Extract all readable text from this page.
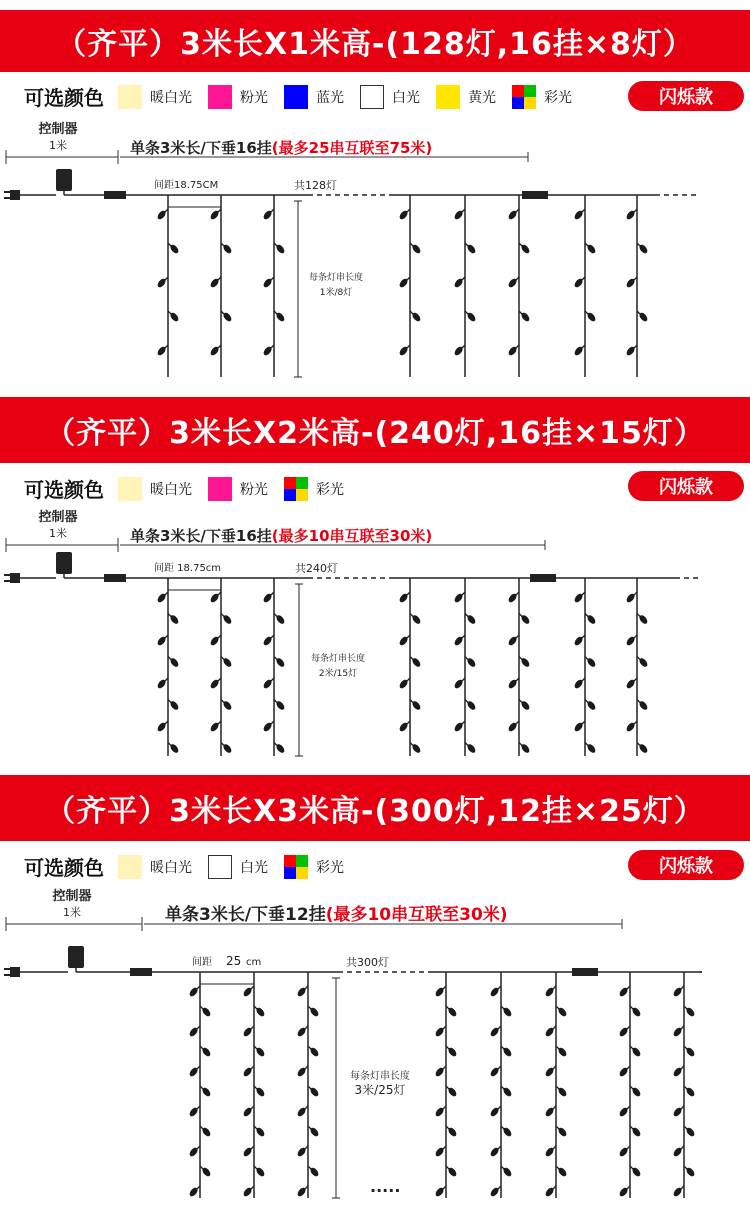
（齐平）3米长X1米高-(128灯,16挂×8灯）
可选颜色	暖白光	粉光	蓝光	白光	黄光	彩光	闪烁款
控制器
1米	单条3米长/下垂16挂 (最多25串互联至75米)
共128灯
间距18.75CM
每条灯串长度
1米/8灯
（齐平）3米长X2米高-(240灯,16挂×15灯）
可选颜色	暖白光	粉光	彩光	闪烁款
控制器
1米	单条3米长/下垂16挂 (最多10串互联至30米)
共240灯
间距 18.75cm
每条灯串长度
2米/15灯
（齐平）3米长X3米高-(300灯,12挂×25灯）
可选颜色	暖白光	白光	彩光	闪烁款
控制器
1米	单条3米长/下垂12挂 (最多10串互联至30米)
共300灯
间距 25 cm
每条灯串长度
3米/25灯
.....
